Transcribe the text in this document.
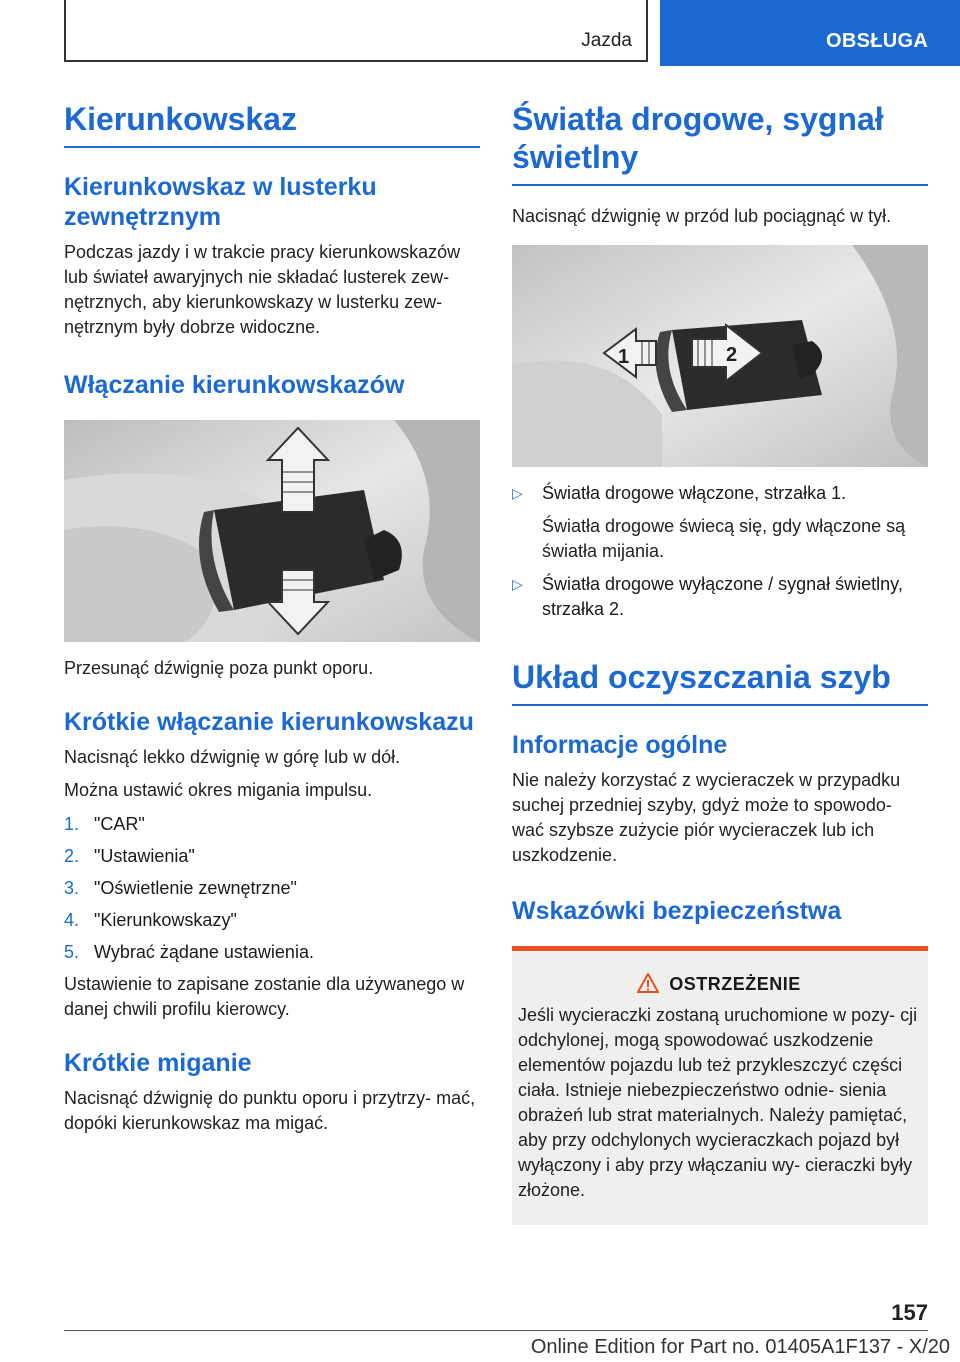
Jazda	OBSŁUGA
Kierunkowskaz
Kierunkowskaz w lusterku zewnętrznym

Podczas jazdy i w trakcie pracy kierunkowskazów lub świateł awaryjnych nie składać lusterek zew‐ nętrznych, aby kierunkowskazy w lusterku zew‐ nętrznym były dobrze widoczne.

Włączanie kierunkowskazów

Przesunąć dźwignię poza punkt oporu.

Krótkie włączanie kierunkowskazu

Nacisnąć lekko dźwignię w górę lub w dół.

Można ustawić okres migania impulsu.

1. "CAR"
2. "Ustawienia"
3. "Oświetlenie zewnętrzne"
4. "Kierunkowskazy"
5. Wybrać żądane ustawienia.

Ustawienie to zapisane zostanie dla używanego w danej chwili profilu kierowcy.

Krótkie miganie

Nacisnąć dźwignię do punktu oporu i przytrzy‐ mać, dopóki kierunkowskaz ma migać.

Światła drogowe, sygnał świetlny

Nacisnąć dźwignię w przód lub pociągnąć w tył.

1	2
▷ Światła drogowe włączone, strzałka 1.

Światła drogowe świecą się, gdy włączone są światła mijania.

▷ Światła drogowe wyłączone / sygnał świetlny, strzałka 2.
Układ oczyszczania szyb
Informacje ogólne

Nie należy korzystać z wycieraczek w przypadku suchej przedniej szyby, gdyż może to spowodo‐ wać szybsze zużycie piór wycieraczek lub ich uszkodzenie.

Wskazówki bezpieczeństwa
OSTRZEŻENIE

Jeśli wycieraczki zostaną uruchomione w pozy‐ cji odchylonej, mogą spowodować uszkodzenie elementów pojazdu lub też przykleszczyć części ciała. Istnieje niebezpieczeństwo odnie‐ sienia obrażeń lub strat materialnych. Należy pamiętać, aby przy odchylonych wycieraczkach pojazd był wyłączony i aby przy włączaniu wy‐ cieraczki były złożone.

157
Online Edition for Part no. 01405A1F137 - X/20
